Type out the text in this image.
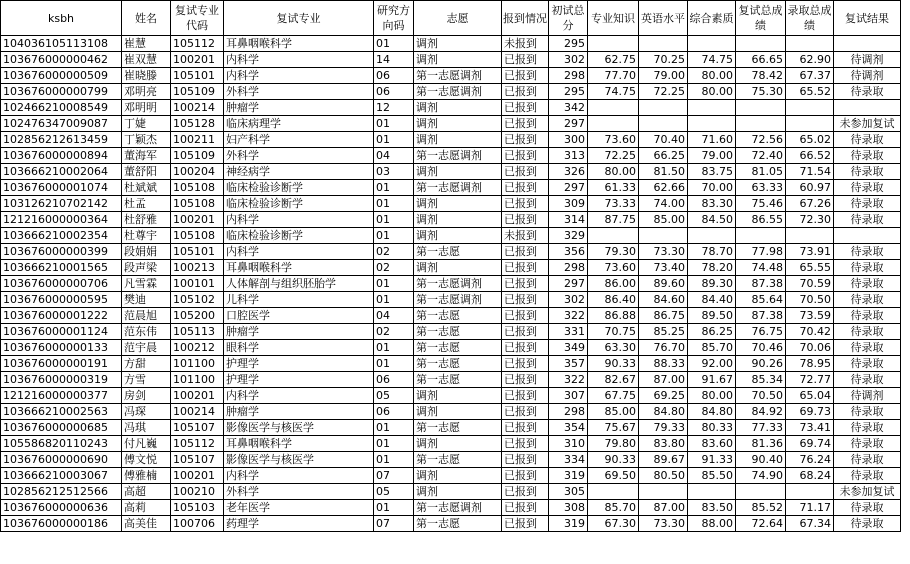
ksbh	姓名	复试专业代码	复试专业	研究方向码	志愿	报到情况	初试总分	专业知识	英语水平	综合素质	复试总成绩	录取总成绩	复试结果
104036105113108	崔慧	105112	耳鼻咽喉科学	01	调剂	未报到	295						
103676000000462	崔双慧	100201	内科学	14	调剂	已报到	302	62.75	70.25	74.75	66.65	62.90	待调剂
103676000000509	崔晓滕	105101	内科学	06	第一志愿调剂	已报到	298	77.70	79.00	80.00	78.42	67.37	待调剂
103676000000799	邓明亮	105109	外科学	06	第一志愿调剂	已报到	295	74.75	72.25	80.00	75.30	65.52	待录取
102466210008549	邓明明	100214	肿瘤学	12	调剂	已报到	342						
102476347009087	丁婕	105128	临床病理学	01	调剂	已报到	297						未参加复试
102856212613459	丁颖杰	100211	妇产科学	01	调剂	已报到	300	73.60	70.40	71.60	72.56	65.02	待录取
103676000000894	董海军	105109	外科学	04	第一志愿调剂	已报到	313	72.25	66.25	79.00	72.40	66.52	待录取
103666210002064	董舒阳	100204	神经病学	03	调剂	已报到	326	80.00	81.50	83.75	81.05	71.54	待录取
103676000001074	杜斌斌	105108	临床检验诊断学	01	第一志愿调剂	已报到	297	61.33	62.66	70.00	63.33	60.97	待录取
103126210702142	杜孟	105108	临床检验诊断学	01	调剂	已报到	309	73.33	74.00	83.30	75.46	67.26	待录取
121216000000364	杜舒雅	100201	内科学	01	调剂	已报到	314	87.75	85.00	84.50	86.55	72.30	待录取
103666210002354	杜尊宇	105108	临床检验诊断学	01	调剂	未报到	329						
103676000000399	段娟娟	105101	内科学	02	第一志愿	已报到	356	79.30	73.30	78.70	77.98	73.91	待录取
103666210001565	段声梁	100213	耳鼻咽喉科学	02	调剂	已报到	298	73.60	73.40	78.20	74.48	65.55	待录取
103676000000706	凡雪霖	100101	人体解剖与组织胚胎学	01	第一志愿调剂	已报到	297	86.00	89.60	89.30	87.38	70.59	待录取
103676000000595	樊迪	105102	儿科学	01	第一志愿调剂	已报到	302	86.40	84.60	84.40	85.64	70.50	待录取
103676000001222	范晨旭	105200	口腔医学	04	第一志愿	已报到	322	86.88	86.75	89.50	87.38	73.59	待录取
103676000001124	范东伟	105113	肿瘤学	02	第一志愿	已报到	331	70.75	85.25	86.25	76.75	70.42	待录取
103676000000133	范宇晨	100212	眼科学	01	第一志愿	已报到	349	63.30	76.70	85.70	70.46	70.06	待录取
103676000000191	方甜	101100	护理学	01	第一志愿	已报到	357	90.33	88.33	92.00	90.26	78.95	待录取
103676000000319	方雪	101100	护理学	06	第一志愿	已报到	322	82.67	87.00	91.67	85.34	72.77	待录取
121216000000377	房剑	100201	内科学	05	调剂	已报到	307	67.75	69.25	80.00	70.50	65.04	待调剂
103666210002563	冯琛	100214	肿瘤学	06	调剂	已报到	298	85.00	84.80	84.80	84.92	69.73	待录取
103676000000685	冯琪	105107	影像医学与核医学	01	第一志愿	已报到	354	75.67	79.33	80.33	77.33	73.41	待录取
105586820110243	付凡巍	105112	耳鼻咽喉科学	01	调剂	已报到	310	79.80	83.80	83.60	81.36	69.74	待录取
103676000000690	傅文悦	105107	影像医学与核医学	01	第一志愿	已报到	334	90.33	89.67	91.33	90.40	76.24	待录取
103666210003067	傅雅楠	100201	内科学	07	调剂	已报到	319	69.50	80.50	85.50	74.90	68.24	待录取
102856212512566	高超	100210	外科学	05	调剂	已报到	305						未参加复试
103676000000636	高莉	105103	老年医学	01	第一志愿调剂	已报到	308	85.70	87.00	83.50	85.52	71.17	待录取
103676000000186	高美佳	100706	药理学	07	第一志愿	已报到	319	67.30	73.30	88.00	72.64	67.34	待录取
